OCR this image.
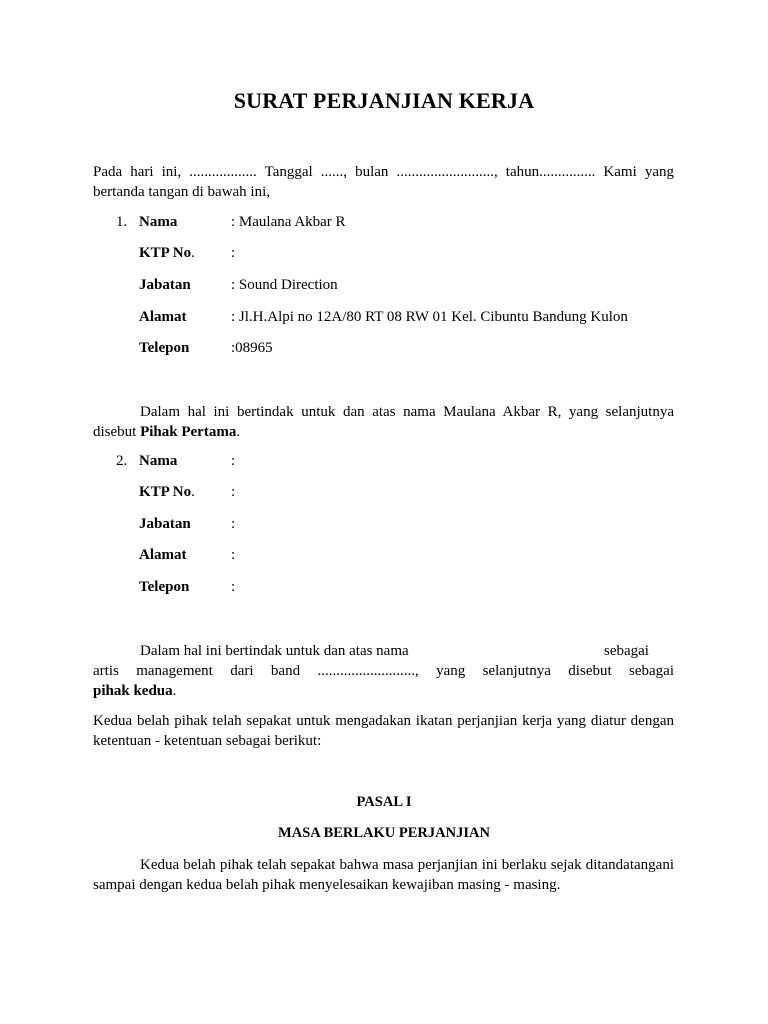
SURAT PERJANJIAN KERJA
Pada hari ini, .................. Tanggal ......, bulan .........................., tahun............... Kami yang bertanda tangan di bawah ini,
1. Nama	: Maulana Akbar R
KTP No. :
Jabatan	: Sound Direction
Alamat	: Jl.H.Alpi no 12A/80 RT 08 RW 01 Kel. Cibuntu Bandung Kulon
Telepon	:08965
Dalam hal ini bertindak untuk dan atas nama Maulana Akbar R, yang selanjutnya disebut Pihak Pertama.
2. Nama	:
KTP No. :
Jabatan	:
Alamat	:
Telepon	:
Dalam hal ini bertindak untuk dan atas nama	sebagai
artis management dari band .........................., yang selanjutnya disebut sebagai
pihak kedua.
Kedua belah pihak telah sepakat untuk mengadakan ikatan perjanjian kerja yang diatur dengan ketentuan - ketentuan sebagai berikut:
PASAL I
MASA BERLAKU PERJANJIAN
Kedua belah pihak telah sepakat bahwa masa perjanjian ini berlaku sejak ditandatangani sampai dengan kedua belah pihak menyelesaikan kewajiban masing - masing.
